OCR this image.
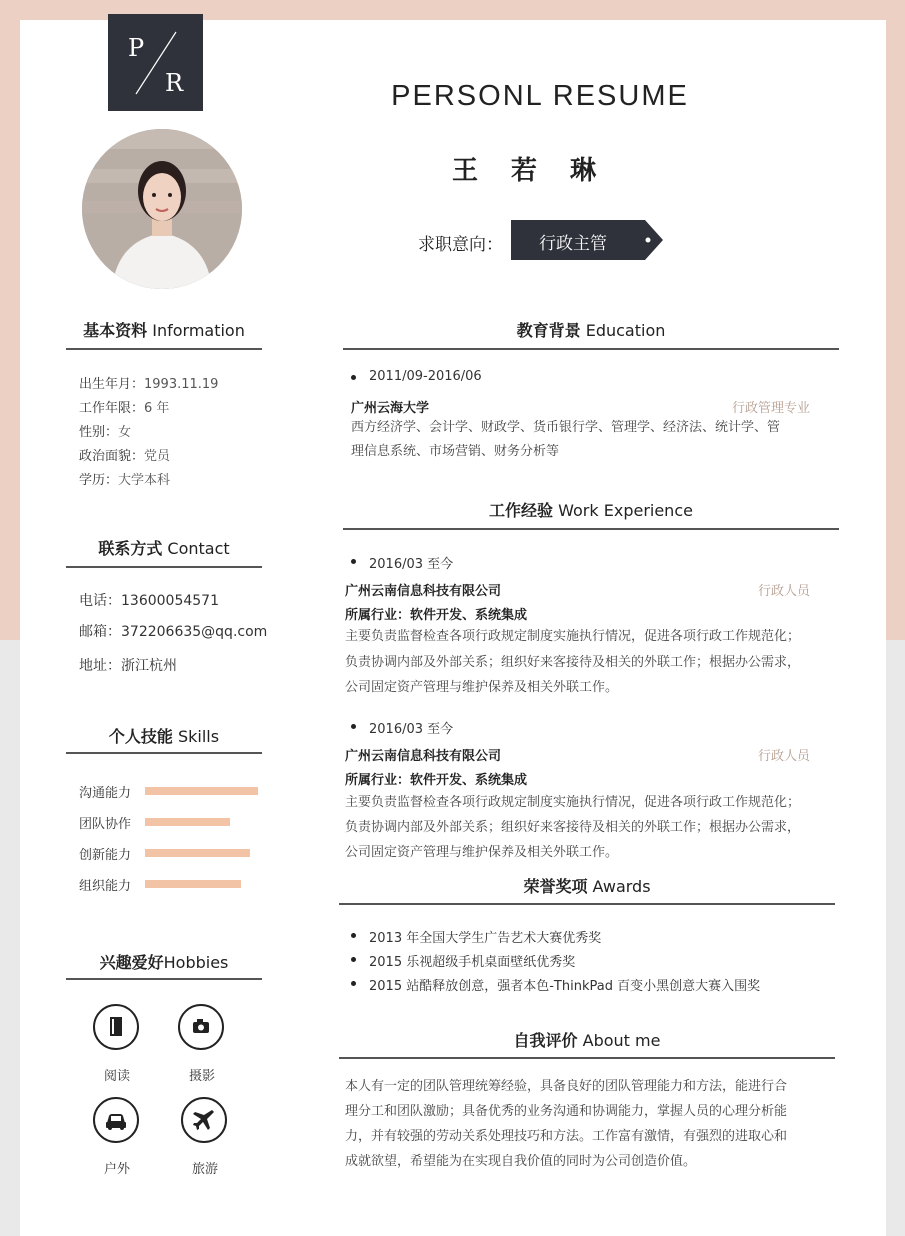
P
R	PERSONL RESUME
王 若 琳
求职意向： 行政主管
基本资料 Information
出生年月：1993.11.19
工作年限：6 年
性别：女
政治面貌：党员
学历：大学本科
联系方式 Contact
电话：13600054571
邮箱：372206635@qq.com
地址：浙江杭州
个人技能 Skills
沟通能力
团队协作
创新能力
组织能力
兴趣爱好Hobbies
阅读	摄影
户外	旅游
教育背景 Education
2011/09-2016/06
广州云海大学	行政管理专业
西方经济学、会计学、财政学、货币银行学、管理学、经济法、统计学、管
理信息系统、市场营销、财务分析等
工作经验 Work Experience
2016/03 至今
广州云南信息科技有限公司	行政人员
所属行业：软件开发、系统集成
主要负责监督检查各项行政规定制度实施执行情况，促进各项行政工作规范化；
负责协调内部及外部关系；组织好来客接待及相关的外联工作；根据办公需求，
公司固定资产管理与维护保养及相关外联工作。
2016/03 至今
广州云南信息科技有限公司	行政人员
所属行业：软件开发、系统集成
主要负责监督检查各项行政规定制度实施执行情况，促进各项行政工作规范化；
负责协调内部及外部关系；组织好来客接待及相关的外联工作；根据办公需求，
公司固定资产管理与维护保养及相关外联工作。
荣誉奖项 Awards
2013 年全国大学生广告艺术大赛优秀奖
2015 乐视超级手机桌面壁纸优秀奖
2015 站酷释放创意，强者本色-ThinkPad 百变小黑创意大赛入围奖
自我评价 About me
本人有一定的团队管理统筹经验，具备良好的团队管理能力和方法，能进行合
理分工和团队激励；具备优秀的业务沟通和协调能力，掌握人员的心理分析能
力，并有较强的劳动关系处理技巧和方法。工作富有激情，有强烈的进取心和
成就欲望，希望能为在实现自我价值的同时为公司创造价值。
